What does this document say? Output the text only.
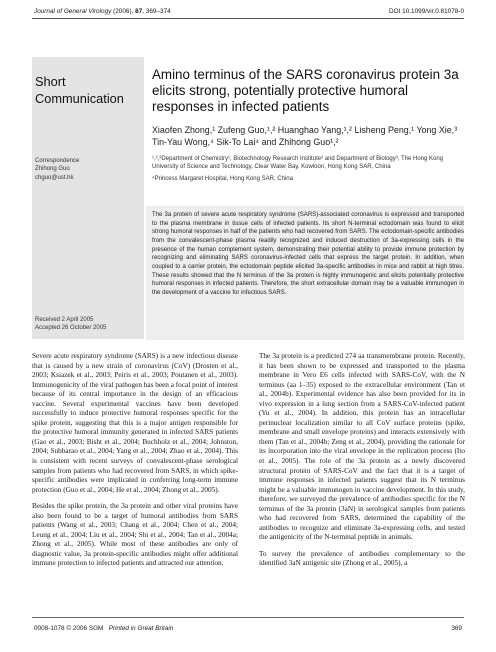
Journal of General Virology (2006), 87, 369–374	DOI 10.1099/vir.0.81078-0
Short Communication
Correspondence
Zhihong Guo
chguo@ust.hk
Received 2 April 2005
Accepted 26 October 2005
Amino terminus of the SARS coronavirus protein 3a elicits strong, potentially protective humoral responses in infected patients
Xiaofen Zhong,¹ Zufeng Guo,¹,² Huanghao Yang,¹,² Lisheng Peng,¹ Yong Xie,³ Tin-Yau Wong,⁴ Sik-To Lai⁴ and Zhihong Guo¹,²
¹,²,³Department of Chemistry¹, Biotechnology Research Institute² and Department of Biology³, The Hong Kong University of Science and Technology, Clear Water Bay, Kowloon, Hong Kong SAR, China
⁴Princess Margaret Hospital, Hong Kong SAR, China
The 3a protein of severe acute respiratory syndrome (SARS)-associated coronavirus is expressed and transported to the plasma membrane in tissue cells of infected patients. Its short N-terminal ectodomain was found to elicit strong humoral responses in half of the patients who had recovered from SARS. The ectodomain-specific antibodies from the convalescent-phase plasma readily recognized and induced destruction of 3a-expressing cells in the presence of the human complement system, demonstrating their potential ability to provide immune protection by recognizing and eliminating SARS coronavirus-infected cells that express the target protein. In addition, when coupled to a carrier protein, the ectodomain peptide elicited 3a-specific antibodies in mice and rabbit at high titres. These results showed that the N terminus of the 3a protein is highly immunogenic and elicits potentially protective humoral responses in infected patients. Therefore, the short extracellular domain may be a valuable immunogen in the development of a vaccine for infectious SARS.

Severe acute respiratory syndrome (SARS) is a new infectious disease that is caused by a new strain of coronavirus (CoV) (Drosten et al., 2003; Ksiazek et al., 2003; Peiris et al., 2003; Poutanen et al., 2003). Immunogenicity of the viral pathogen has been a focal point of interest because of its central importance in the design of an efficacious vaccine. Several experimental vaccines have been developed successfully to induce protective humoral responses specific for the spike protein, suggesting that this is a major antigen responsible for the protective humoral immunity generated in infected SARS patients (Gao et al., 2003; Bisht et al., 2004; Buchholz et al., 2004; Johnston, 2004; Subbarao et al., 2004; Yang et al., 2004; Zhao et al., 2004). This is consistent with recent surveys of convalescent-phase serological samples from patients who had recovered from SARS, in which spike-specific antibodies were implicated in conferring long-term immune protection (Guo et al., 2004; He et al., 2004; Zhong et al., 2005).

Besides the spike protein, the 3a protein and other viral proteins have also been found to be a target of humoral antibodies from SARS patients (Wang et al., 2003; Chang et al., 2004; Chen et al., 2004; Leung et al., 2004; Liu et al., 2004; Shi et al., 2004; Tan et al., 2004a; Zhong et al., 2005). While most of these antibodies are only of diagnostic value, 3a protein-specific antibodies might offer additional immune protection to infected patients and attracted our attention.

The 3a protein is a predicted 274 aa transmembrane protein. Recently, it has been shown to be expressed and transported to the plasma membrane in Vero E6 cells infected with SARS-CoV, with the N terminus (aa 1–35) exposed to the extracellular environment (Tan et al., 2004b). Experimental evidence has also been provided for its in vivo expression in a lung section from a SARS-CoV-infected patient (Yu et al., 2004). In addition, this protein has an intracellular perinuclear localization similar to all CoV surface proteins (spike, membrane and small envelope proteins) and interacts extensively with them (Tan et al., 2004b; Zeng et al., 2004), providing the rationale for its incorporation into the viral envelope in the replication process (Ito et al., 2005). The role of the 3a protein as a newly discovered structural protein of SARS-CoV and the fact that it is a target of immune responses in infected patients suggest that its N terminus might be a valuable immunogen in vaccine development. In this study, therefore, we surveyed the prevalence of antibodies specific for the N terminus of the 3a protein (3aN) in serological samples from patients who had recovered from SARS, determined the capability of the antibodies to recognize and eliminate 3a-expressing cells, and tested the antigenicity of the N-terminal peptide in animals.

To survey the prevalence of antibodies complementary to the identified 3aN antigenic site (Zhong et al., 2005), a

0008-1078 © 2006 SGM Printed in Great Britain	369
